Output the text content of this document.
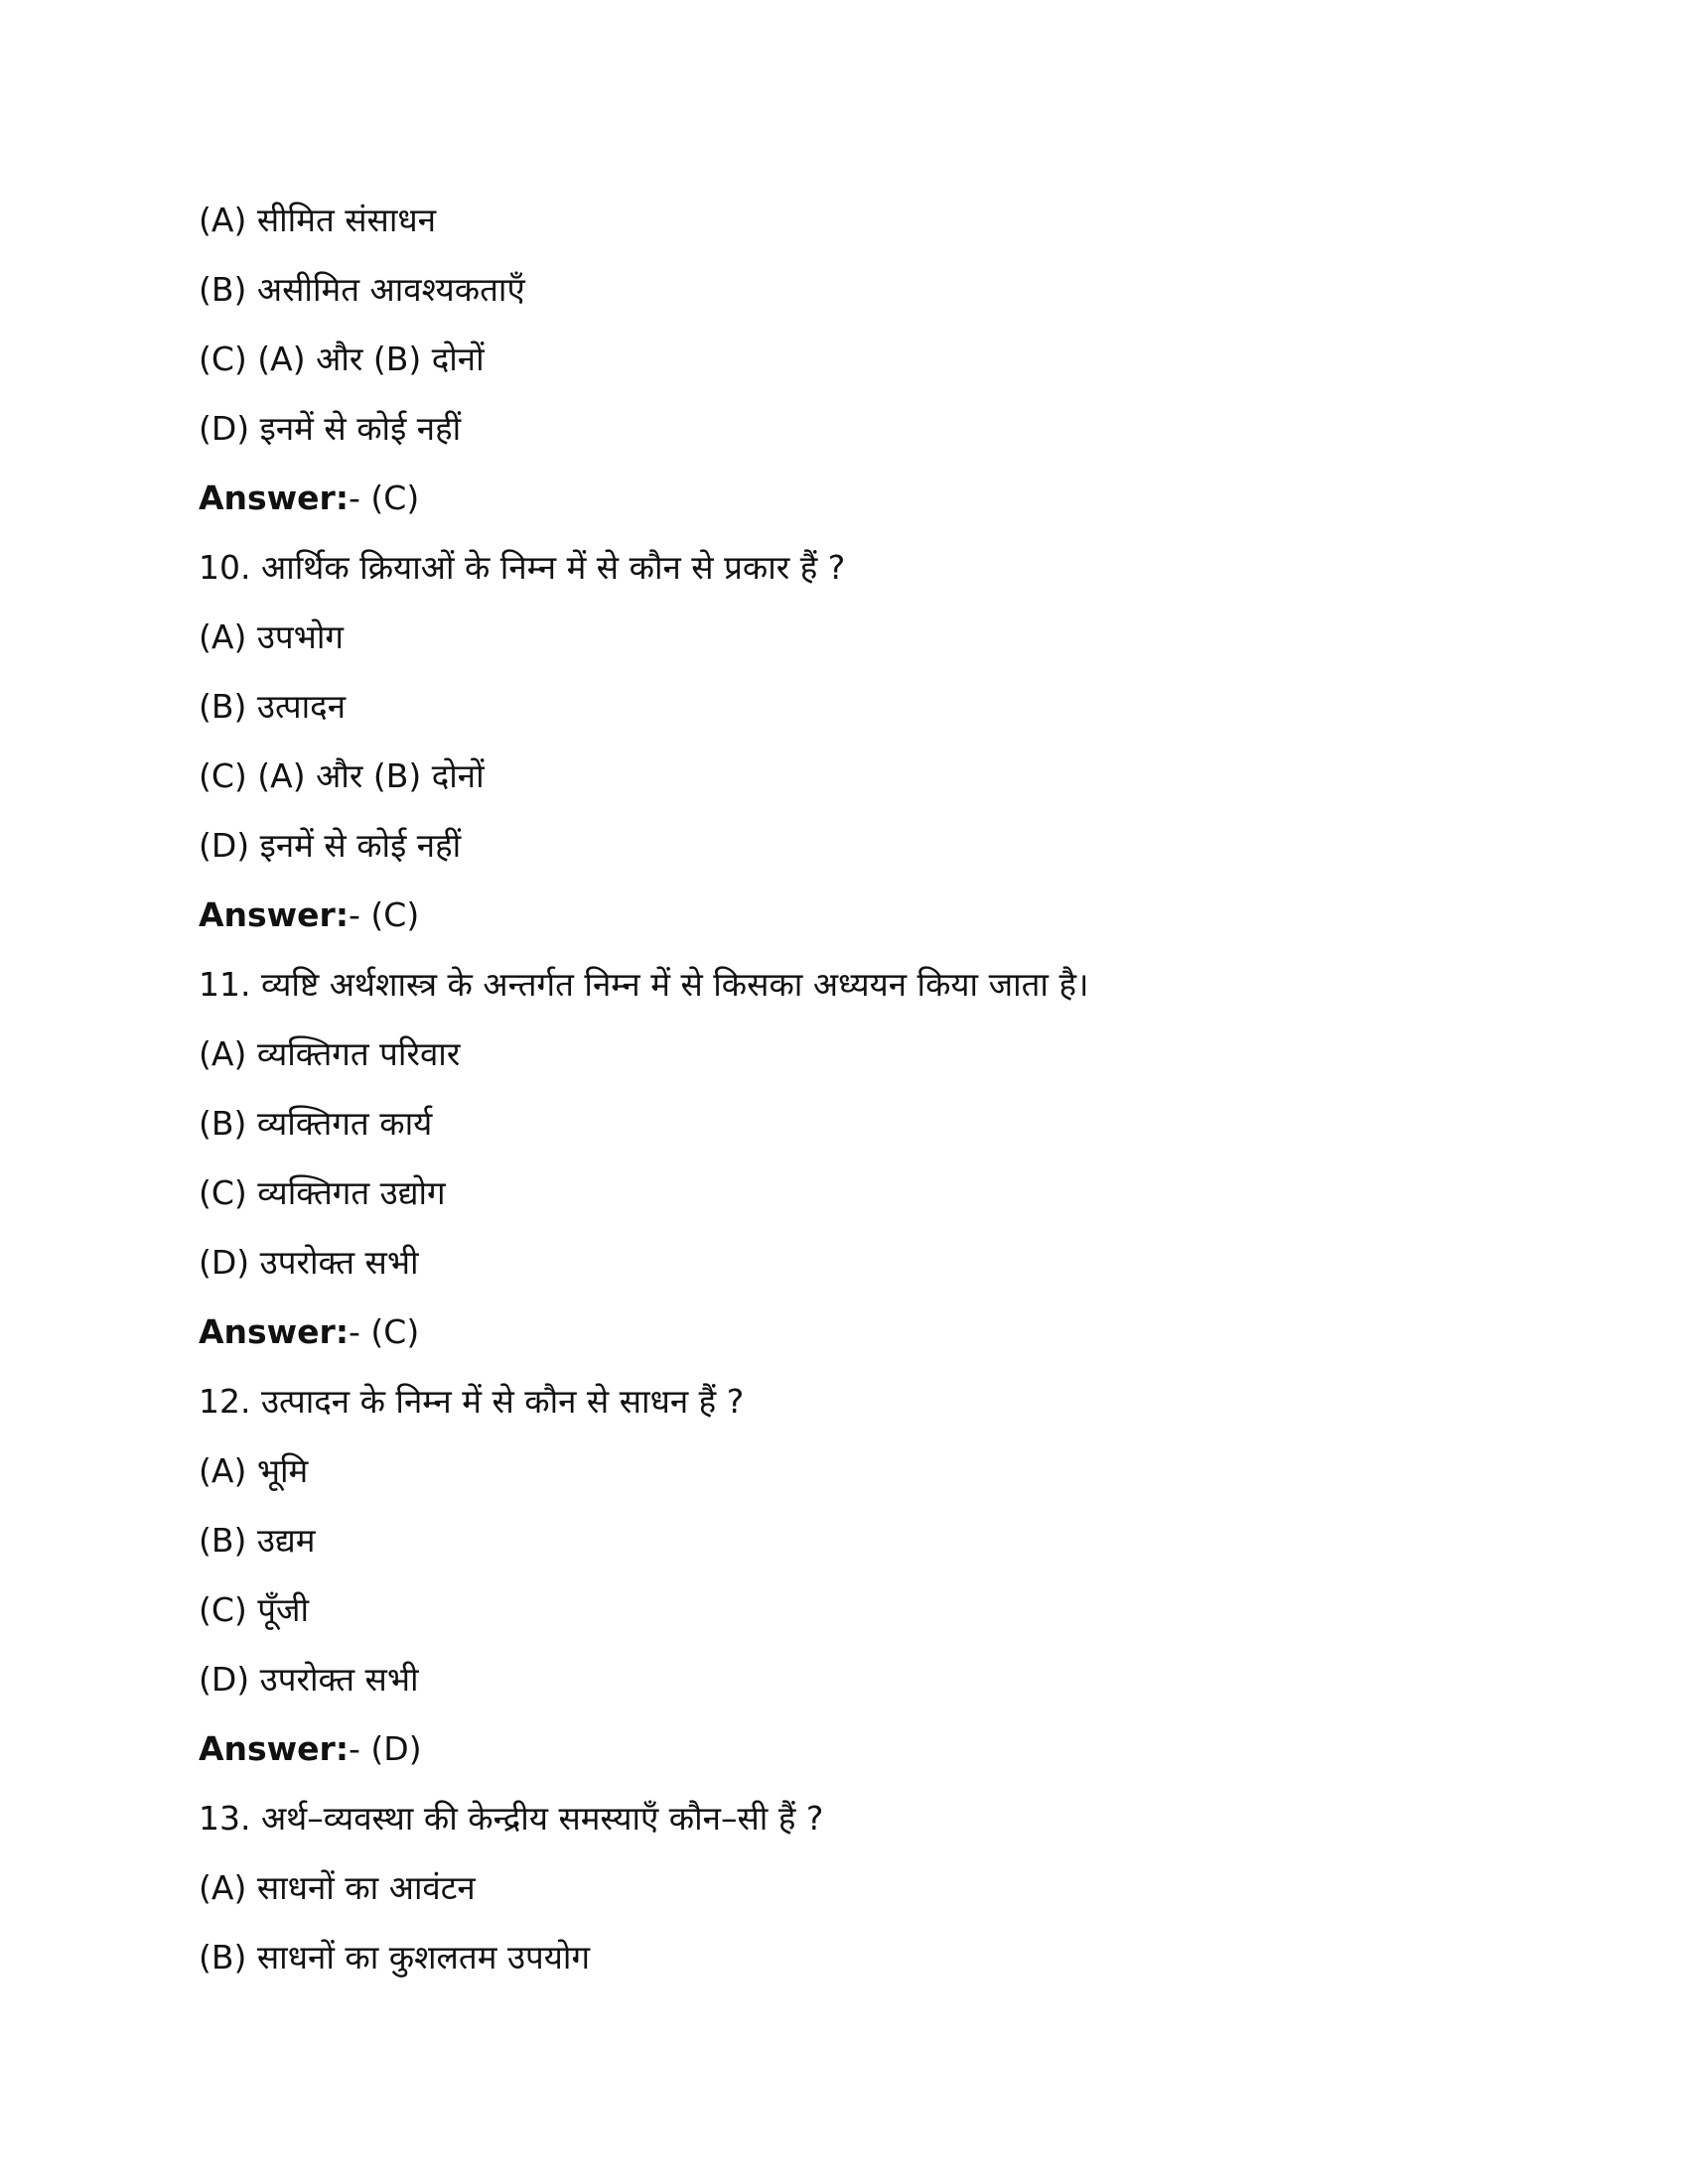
(A) सीमित संसाधन
(B) असीमित आवश्यकताएँ
(C) (A) और (B) दोनों
(D) इनमें से कोई नहीं
Answer:- (C)
10. आर्थिक क्रियाओं के निम्न में से कौन से प्रकार हैं ?
(A) उपभोग
(B) उत्पादन
(C) (A) और (B) दोनों
(D) इनमें से कोई नहीं
Answer:- (C)
11. व्यष्टि अर्थशास्त्र के अन्तर्गत निम्न में से किसका अध्ययन किया जाता है।
(A) व्यक्तिगत परिवार
(B) व्यक्तिगत कार्य
(C) व्यक्तिगत उद्योग
(D) उपरोक्त सभी
Answer:- (C)
12. उत्पादन के निम्न में से कौन से साधन हैं ?
(A) भूमि
(B) उद्यम
(C) पूँजी
(D) उपरोक्त सभी
Answer:- (D)
13. अर्थ–व्यवस्था की केन्द्रीय समस्याएँ कौन–सी हैं ?
(A) साधनों का आवंटन
(B) साधनों का कुशलतम उपयोग
